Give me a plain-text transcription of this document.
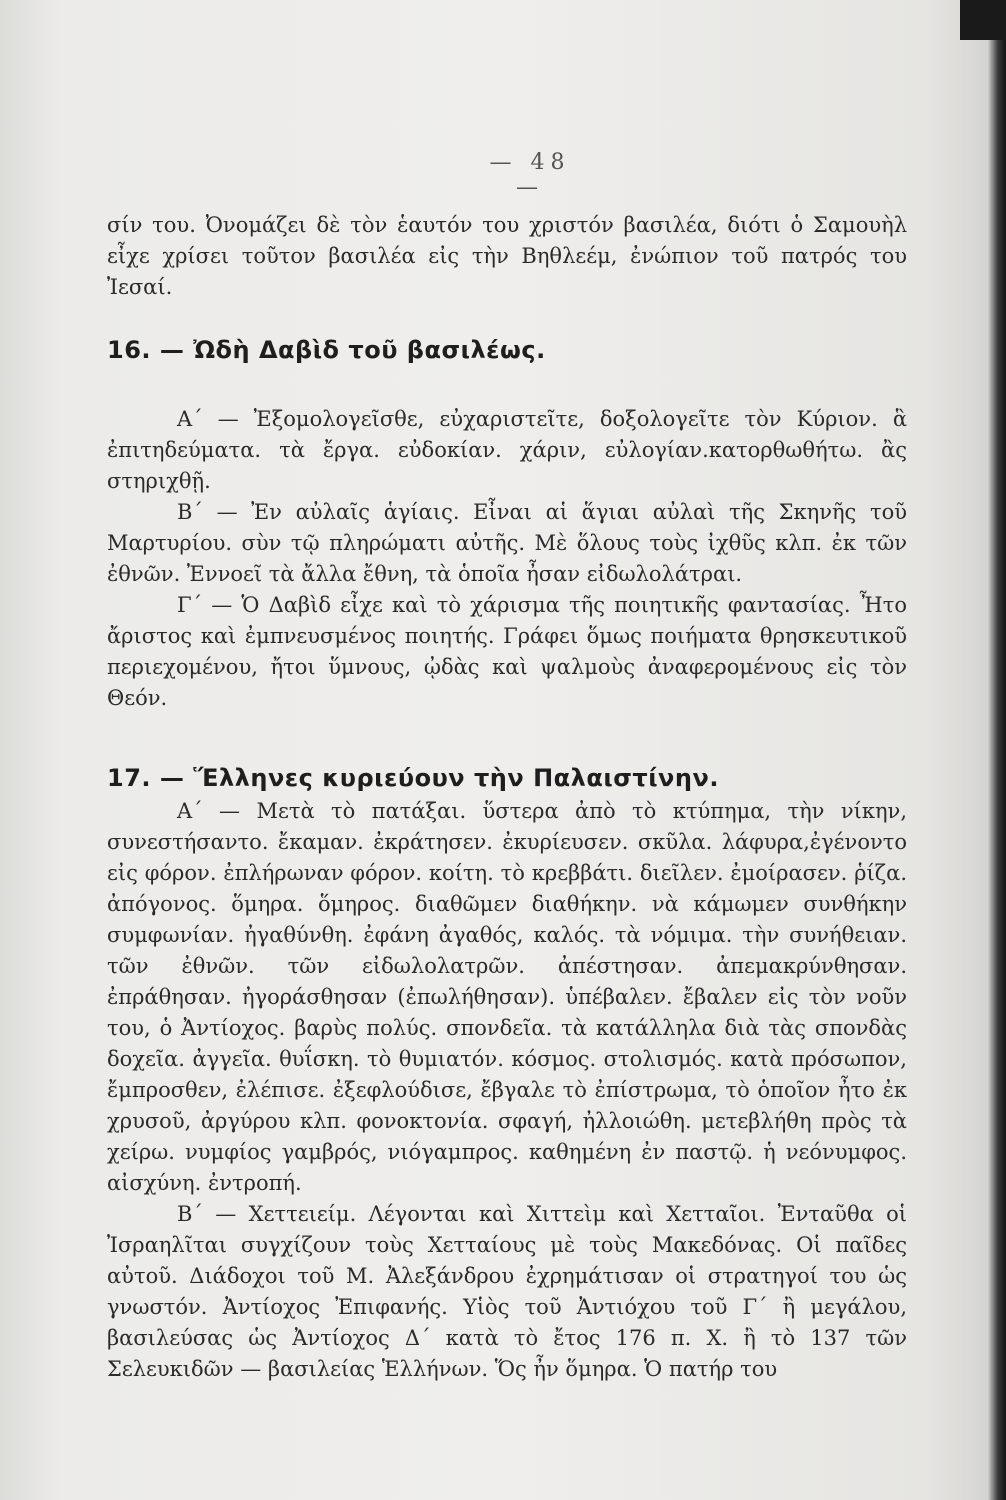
— 48 —

σίν του. Ὀνομάζει δὲ τὸν ἑαυτόν του χριστόν βασιλέα, διότι ὁ Σαμουὴλ εἶχε χρίσει τοῦτον βασιλέα εἰς τὴν Βηθλεέμ, ἐνώπιον τοῦ πατρός του Ἰεσαί.

16. — Ὠδὴ Δαβὶδ τοῦ βασιλέως.

Α΄ — Ἐξομολογεῖσθε, εὐχαριστεῖτε, δοξολογεῖτε τὸν Κύριον. ἃ ἐπιτηδεύματα. τὰ ἔργα. εὐδοκίαν. χάριν, εὐλογίαν.κατορθωθήτω. ἂς στηριχθῇ.

Β΄ — Ἐν αὐλαῖς ἁγίαις. Εἶναι αἱ ἅγιαι αὐλαὶ τῆς Σκηνῆς τοῦ Μαρτυρίου. σὺν τῷ πληρώματι αὐτῆς. Μὲ ὅλους τοὺς ἰχθῦς κλπ. ἐκ τῶν ἐθνῶν. Ἐννοεῖ τὰ ἄλλα ἔθνη, τὰ ὁποῖα ἦσαν εἰδωλολάτραι.

Γ΄ — Ὁ Δαβὶδ εἶχε καὶ τὸ χάρισμα τῆς ποιητικῆς φαντασίας. Ἦτο ἄριστος καὶ ἐμπνευσμένος ποιητής. Γράφει ὅμως ποιήματα θρησκευτικοῦ περιεχομένου, ἤτοι ὕμνους, ᾠδὰς καὶ ψαλμοὺς ἀναφερομένους εἰς τὸν Θεόν.

17. — Ἕλληνες κυριεύουν τὴν Παλαιστίνην.

Α΄ — Μετὰ τὸ πατάξαι. ὕστερα ἀπὸ τὸ κτύπημα, τὴν νίκην, συνεστήσαντο. ἔκαμαν. ἐκράτησεν. ἐκυρίευσεν. σκῦλα. λάφυρα,ἐγένοντο εἰς φόρον. ἐπλήρωναν φόρον. κοίτη. τὸ κρεββάτι. διεῖλεν. ἐμοίρασεν. ῥίζα. ἀπόγονος. ὅμηρα. ὅμηρος. διαθῶμεν διαθήκην. νὰ κάμωμεν συνθήκην συμφωνίαν. ἠγαθύνθη. ἐφάνη ἀγαθός, καλός. τὰ νόμιμα. τὴν συνήθειαν. τῶν ἐθνῶν. τῶν εἰδωλολατρῶν. ἀπέστησαν. ἀπεμακρύνθησαν. ἐπράθησαν. ἠγοράσθησαν (ἐπωλήθησαν). ὑπέβαλεν. ἔβαλεν εἰς τὸν νοῦν του, ὁ Ἀντίοχος. βαρὺς πολύς. σπονδεῖα. τὰ κατάλληλα διὰ τὰς σπονδὰς δοχεῖα. ἀγγεῖα. θυΐσκη. τὸ θυμιατόν. κόσμος. στολισμός. κατὰ πρόσωπον, ἔμπροσθεν, ἐλέπισε. ἐξεφλούδισε, ἔβγαλε τὸ ἐπίστρωμα, τὸ ὁποῖον ἦτο ἐκ χρυσοῦ, ἀργύρου κλπ. φονοκτονία. σφαγή, ἠλλοιώθη. μετεβλήθη πρὸς τὰ χείρω. νυμφίος γαμβρός, νιόγαμπρος. καθημένη ἐν παστῷ. ἡ νεόνυμφος. αἰσχύνη. ἐντροπή.

Β΄ — Χεττειείμ. Λέγονται καὶ Χιττεὶμ καὶ Χετταῖοι. Ἐνταῦθα οἱ Ἰσραηλῖται συγχίζουν τοὺς Χετταίους μὲ τοὺς Μακεδόνας. Οἱ παῖδες αὐτοῦ. Διάδοχοι τοῦ Μ. Ἀλεξάνδρου ἐχρημάτισαν οἱ στρατηγοί του ὡς γνωστόν. Ἀντίοχος Ἐπιφανής. Υἱὸς τοῦ Ἀντιόχου τοῦ Γ΄ ἢ μεγάλου, βασιλεύσας ὡς Ἀντίοχος Δ΄ κατὰ τὸ ἔτος 176 π. Χ. ἢ τὸ 137 τῶν Σελευκιδῶν — βασιλείας Ἑλλήνων. Ὅς ἦν ὅμηρα. Ὁ πατήρ του
